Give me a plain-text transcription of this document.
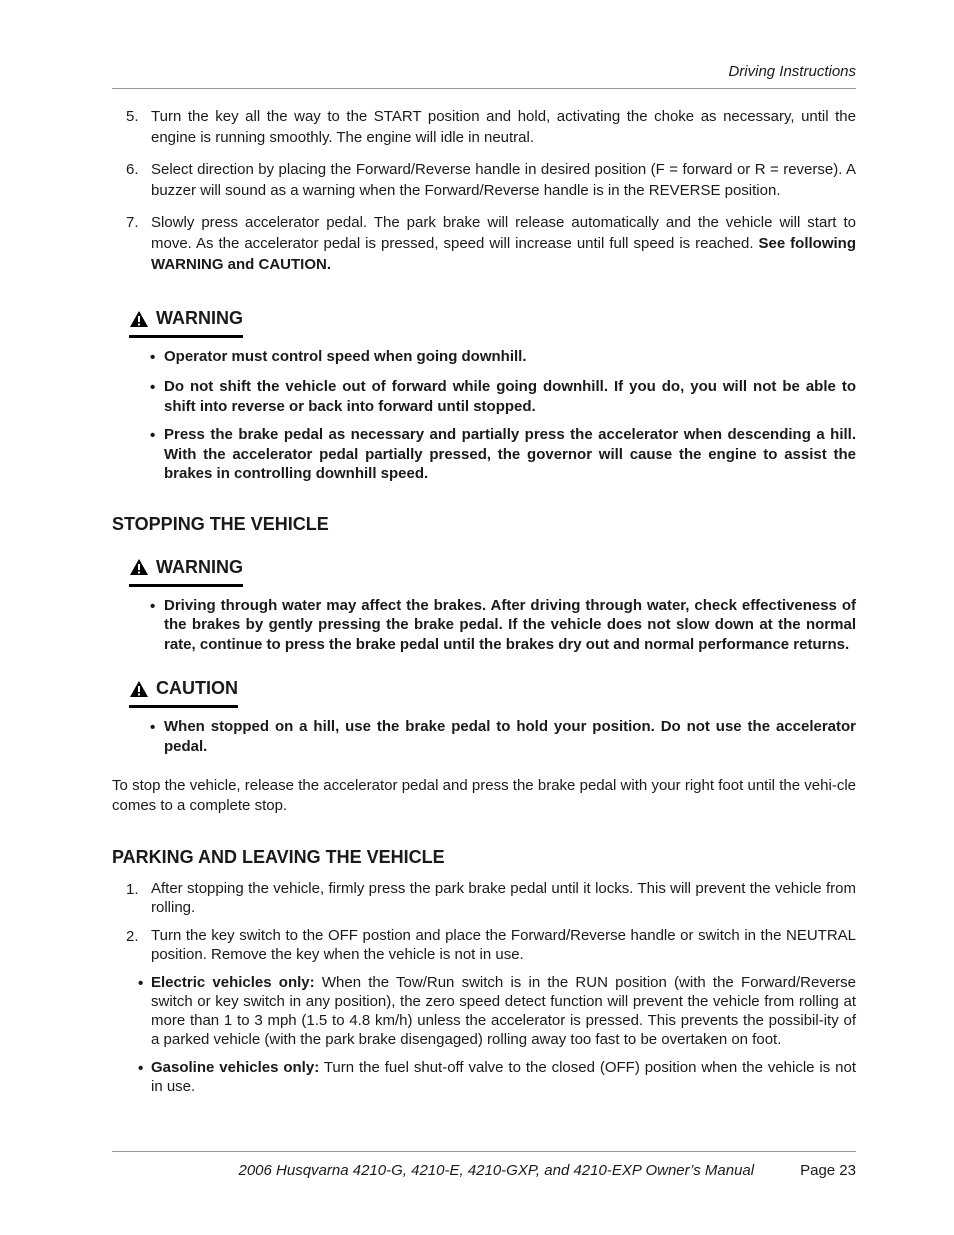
Driving Instructions
5. Turn the key all the way to the START position and hold, activating the choke as necessary, until the engine is running smoothly. The engine will idle in neutral.
6. Select direction by placing the Forward/Reverse handle in desired position (F = forward or R = reverse). A buzzer will sound as a warning when the Forward/Reverse handle is in the REVERSE position.
7. Slowly press accelerator pedal. The park brake will release automatically and the vehicle will start to move. As the accelerator pedal is pressed, speed will increase until full speed is reached. See following WARNING and CAUTION.
WARNING
• Operator must control speed when going downhill.
• Do not shift the vehicle out of forward while going downhill. If you do, you will not be able to shift into reverse or back into forward until stopped.
• Press the brake pedal as necessary and partially press the accelerator when descending a hill. With the accelerator pedal partially pressed, the governor will cause the engine to assist the brakes in controlling downhill speed.
STOPPING THE VEHICLE
WARNING
• Driving through water may affect the brakes. After driving through water, check effectiveness of the brakes by gently pressing the brake pedal. If the vehicle does not slow down at the normal rate, continue to press the brake pedal until the brakes dry out and normal performance returns.
CAUTION
• When stopped on a hill, use the brake pedal to hold your position. Do not use the accelerator pedal.
To stop the vehicle, release the accelerator pedal and press the brake pedal with your right foot until the vehi-cle comes to a complete stop.
PARKING AND LEAVING THE VEHICLE
1. After stopping the vehicle, firmly press the park brake pedal until it locks. This will prevent the vehicle from rolling.
2. Turn the key switch to the OFF postion and place the Forward/Reverse handle or switch in the NEUTRAL position. Remove the key when the vehicle is not in use.
• Electric vehicles only: When the Tow/Run switch is in the RUN position (with the Forward/Reverse switch or key switch in any position), the zero speed detect function will prevent the vehicle from rolling at more than 1 to 3 mph (1.5 to 4.8 km/h) unless the accelerator is pressed. This prevents the possibil-ity of a parked vehicle (with the park brake disengaged) rolling away too fast to be overtaken on foot.
• Gasoline vehicles only: Turn the fuel shut-off valve to the closed (OFF) position when the vehicle is not in use.
2006 Husqvarna 4210-G, 4210-E, 4210-GXP, and 4210-EXP Owner’s Manual	Page 23
